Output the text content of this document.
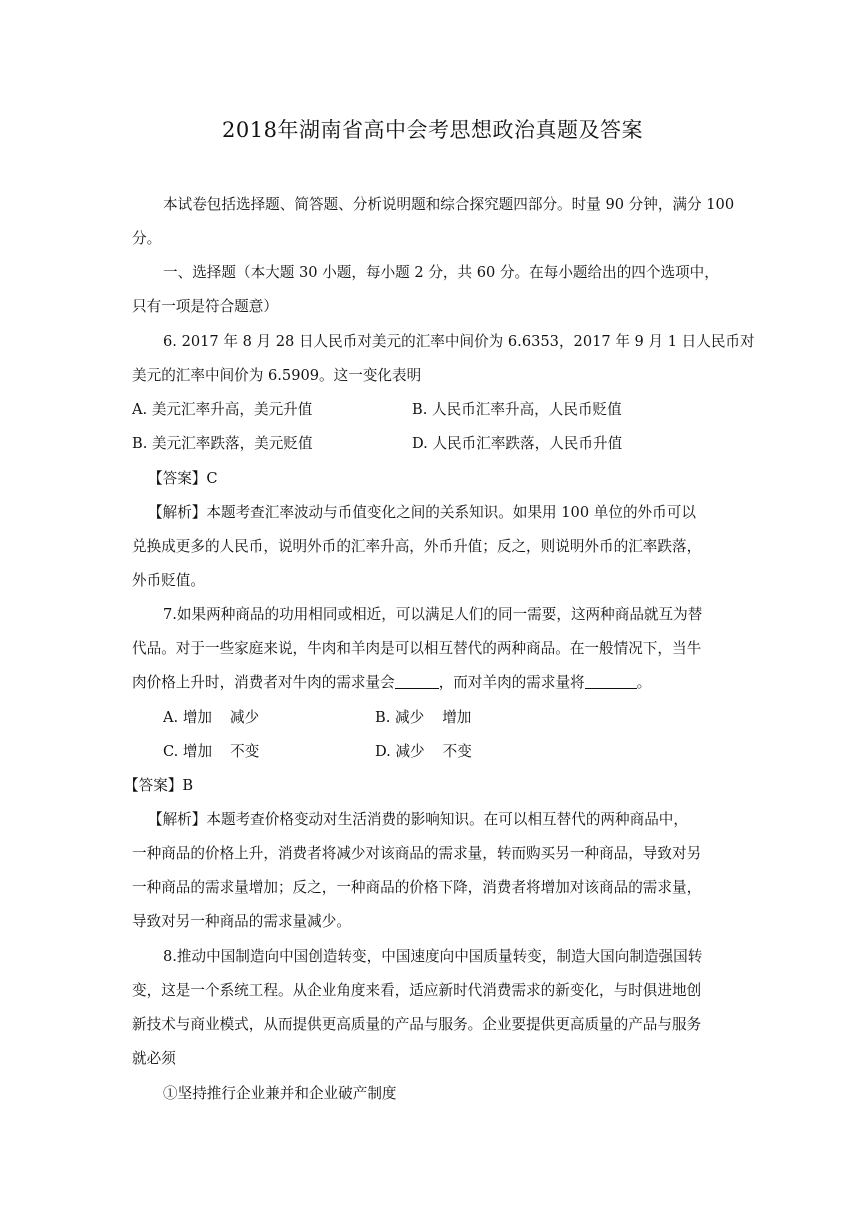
2018年湖南省高中会考思想政治真题及答案
本试卷包括选择题、简答题、分析说明题和综合探究题四部分。时量 90 分钟，满分 100
分。
一、选择题（本大题 30 小题，每小题 2 分，共 60 分。在每小题给出的四个选项中，
只有一项是符合题意）
6. 2017 年 8 月 28 日人民币对美元的汇率中间价为 6.6353，2017 年 9 月 1 日人民币对
美元的汇率中间价为 6.5909。这一变化表明
A. 美元汇率升高，美元升值	B. 人民币汇率升高，人民币贬值
B. 美元汇率跌落，美元贬值	D. 人民币汇率跌落，人民币升值
【答案】C
【解析】本题考查汇率波动与币值变化之间的关系知识。如果用 100 单位的外币可以
兑换成更多的人民币，说明外币的汇率升高，外币升值；反之，则说明外币的汇率跌落，
外币贬值。
7.如果两种商品的功用相同或相近，可以满足人们的同一需要，这两种商品就互为替
代品。对于一些家庭来说，牛肉和羊肉是可以相互替代的两种商品。在一般情况下，当牛
肉价格上升时，消费者对牛肉的需求量会	，而对羊肉的需求量将	。
A. 增加 减少	B. 减少 增加
C. 增加 不变	D. 减少 不变
【答案】B
【解析】本题考查价格变动对生活消费的影响知识。在可以相互替代的两种商品中，
一种商品的价格上升，消费者将减少对该商品的需求量，转而购买另一种商品，导致对另
一种商品的需求量增加；反之，一种商品的价格下降，消费者将增加对该商品的需求量，
导致对另一种商品的需求量减少。
8.推动中国制造向中国创造转变，中国速度向中国质量转变，制造大国向制造强国转
变，这是一个系统工程。从企业角度来看，适应新时代消费需求的新变化，与时俱进地创
新技术与商业模式，从而提供更高质量的产品与服务。企业要提供更高质量的产品与服务
就必须
①坚持推行企业兼并和企业破产制度
